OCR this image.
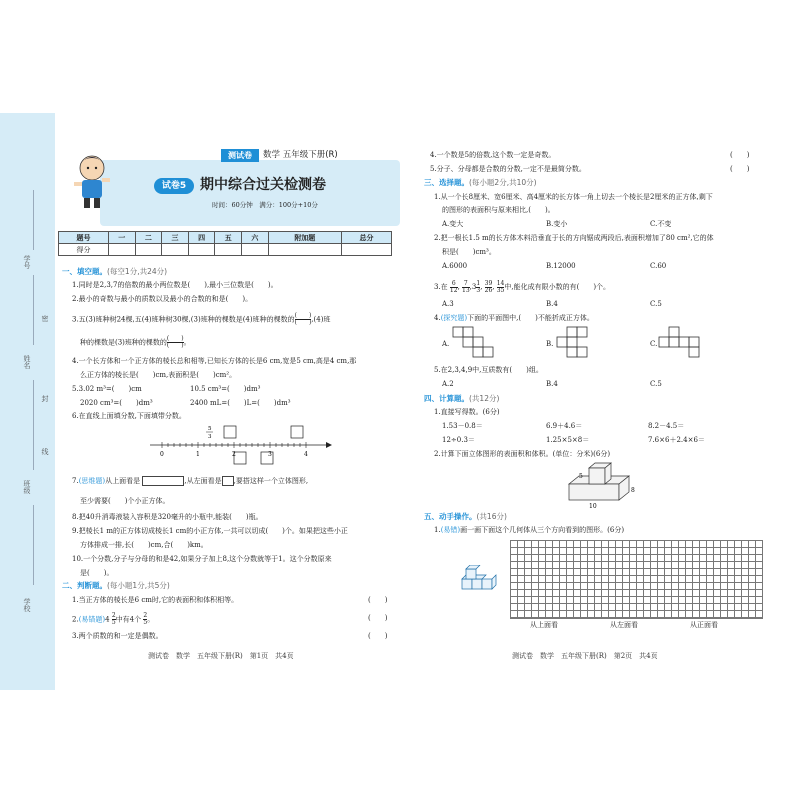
学号
姓名
班级
学校
密
封
线
测试卷	数学 五年级下册(R)
试卷5 期中综合过关检测卷
时间：60分钟　满分：100分+10分
题号	一	二	三	四	五	六	附加题	总分
得分								
一、填空题。(每空1分,共24分)
1.同时是2,3,7的倍数的最小两位数是(　　),最小三位数是(　　)。
2.最小的奇数与最小的质数以及最小的合数的和是(　　)。
3.五(3)班种树24棵,五(4)班种树30棵,(3)班种的棵数是(4)班种的棵数的 $\frac{( )}{( )} ,(4)$班
种的棵数是(3)班种的棵数的 $\frac{( )}{( )}$ 。
4.一个长方体和一个正方体的棱长总和相等,已知长方体的长是6 cm,宽是5 cm,高是4 cm,那
么正方体的棱长是(　　)cm,表面积是(　　)cm²。
5.3.02 m³=(　　)cm	10.5 cm³=(　　)dm³
2020 cm³=(　　)dm³	2400 mL=(　　)L=(　　)dm³
6.在直线上面填分数,下面填带分数。
0	1	2	3	4
5
3
7.(思维题)从上面看是	,从左面看是 ,要搭这样一个立体图形,
至少需要(　　)个小正方体。
8.把40升消毒液装入容积是320毫升的小瓶中,能装(　　)瓶。
9.把棱长1 m的正方体切成棱长1 cm的小正方体,一共可以切成(　　)个。如果把这些小正
方体排成一排,长(　　)cm,合(　　)km。
10.一个分数,分子与分母的和是42,如果分子加上8,这个分数就等于1。这个分数原来
是(　　)。
二、判断题。(每小题1分,共5分)
1.当正方体的棱长是6 cm时,它的表面积和体积相等。	(　　)
2.(易错题)$4 \frac{2}{5}$ 中有4个 $\frac{2}{5}$ 。	(　　)
3.两个质数的和一定是偶数。	(　　)
测试卷　数学　五年级下册(R)　第1页　共4页
4.一个数是5的倍数,这个数一定是奇数。	(　　)
5.分子、分母都是合数的分数,一定不是最简分数。	(　　)
三、选择题。(每小题2分,共10分)
1.从一个长8厘米、宽6厘米、高4厘米的长方体一角上切去一个棱长是2厘米的正方体,剩下
的图形的表面积与原来相比,(　　)。
A.变大	B.变小	C.不变
2.把一根长1.5 m的长方体木料沿垂直于长的方向锯成两段后,表面积增加了80 cm²,它的体
积是(　　)cm³。
A.6000	B.12000	C.60
3.在 $\frac{6}{12}$ , $\frac{7}{13} ,3 \frac{1}{3}$ , $\frac{39}{26}$ , $\frac{14}{35}$ 中,能化成有限小数的有(　　)个。
A.3	B.4	C.5
4.(探究题)下面的平面图中,(　　)不能折成正方体。
A.	B.	C.
5.在2,3,4,9中,互质数有(　　)组。
A.2	B.4	C.5
四、计算题。(共12分)
1.直接写得数。(6分)
1.53－0.8＝	6.9＋4.6＝	8.2－4.5＝
12÷0.3＝	1.25×5×8＝	7.6×6＋2.4×6＝
2.计算下面立体图形的表面积和体积。(单位：分米)(6分)
5
10
8
五、动手操作。(共16分)
1.(易错)画一画下面这个几何体从三个方向看到的图形。(6分)
从上面看	从左面看	从正面看
测试卷　数学　五年级下册(R)　第2页　共4页
